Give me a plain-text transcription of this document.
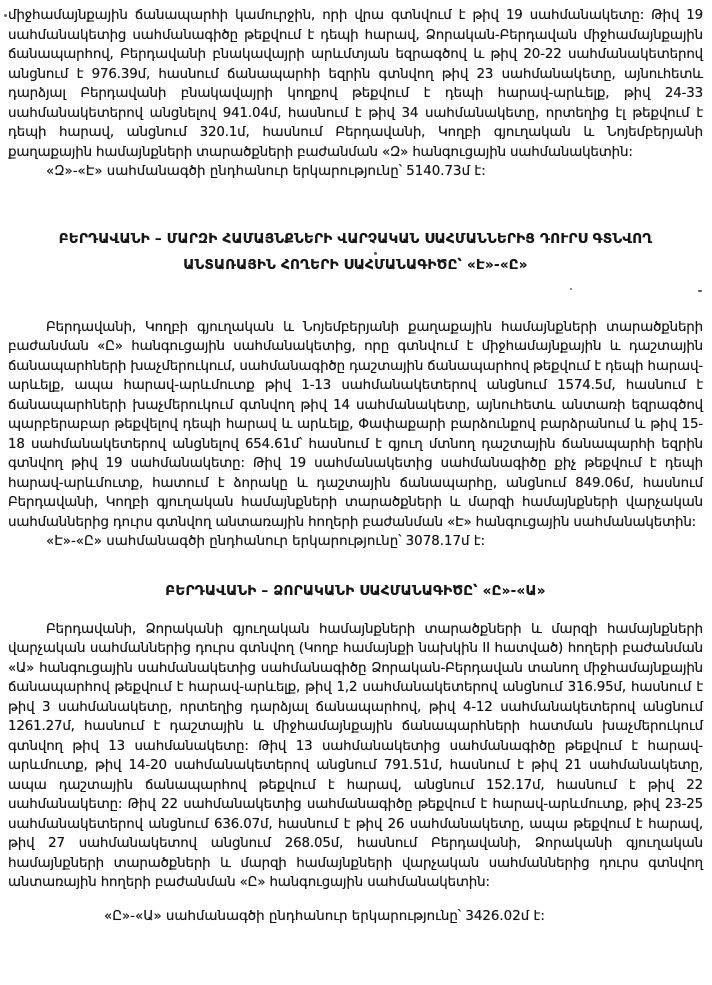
միջհամայնքային ճանապարհի կամուրջին, որի վրա գտնվում է թիվ 19 սահմանակետը: Թիվ 19 սահմանակետից սահմանագիծը թեքվում է դեպի հարավ, Ձորական-Բերդավան միջհամայնքային ճանապարհով, Բերդավանի բնակավայրի արևմտյան եզրագծով և թիվ 20-22 սահմանակետերով անցնում է 976.39մ, հասնում ճանապարհի եզրին գտնվող թիվ 23 սահմանակետը, այնուհետև դարձյալ Բերդավանի բնակավայրի կողքով թեքվում է դեպի հարավ-արևելք, թիվ 24-33 սահմանակետերով անցնելով 941.04մ, հասնում է թիվ 34 սահմանակետը, որտեղից էլ թեքվում է դեպի հարավ, անցնում 320.1մ, հասնում Բերդավանի, Կողբի գյուղական և Նոյեմբերյանի քաղաքային համայնքների տարածքների բաժանման «Զ» հանգուցային սահմանակետին:
«Զ»-«Է» սահմանագծի ընդհանուր երկարությունը՝ 5140.73մ է:
ԲԵՐԴԱՎԱՆԻ – ՄԱՐԶԻ ՀԱՄԱՅՆՔՆԵՐԻ ՎԱՐՉԱԿԱՆ ՍԱՀՄԱՆՆԵՐԻՑ ԴՈՒՐՍ ԳՏՆՎՈՂ
ԱՆՏԱՌԱՅԻՆ ՀՈՂԵՐԻ ՍԱՀՄԱՆԱԳԻԾԸ՝ «Է»-«Ը»
Բերդավանի, Կողբի գյուղական և Նոյեմբերյանի քաղաքային համայնքների տարածքների բաժանման «Ը» հանգուցային սահմանակետից, որը գտնվում է միջհամայնքային և դաշտային ճանապարհների խաչմերուկում, սահմանագիծը դաշտային ճանապարհով թեքվում է դեպի հարավ-արևելք, ապա հարավ-արևմուտք թիվ 1-13 սահմանակետերով անցնում 1574.5մ, հասնում է ճանապարհների խաչմերուկում գտնվող թիվ 14 սահմանակետը, այնուհետև անտառի եզրագծով պարբերաբար թեքվելով դեպի հարավ և արևելք, Փափաքարի բարձունքով բարձրանում և թիվ 15-18 սահմանակետերով անցնելով 654.61մ՝ հասնում է գյուղ մտնող դաշտային ճանապարհի եզրին գտնվող թիվ 19 սահմանակետը: Թիվ 19 սահմանակետից սահմանագիծը քիչ թեքվում է դեպի հարավ-արևմուտք, հատում է ձորակը և դաշտային ճանապարհը, անցնում 849.06մ, հասնում Բերդավանի, Կողբի գյուղական համայնքների տարածքների և մարզի համայնքների վարչական սահմաններից դուրս գտնվող անտառային հողերի բաժանման «Է» հանգուցային սահմանակետին:
«Է»-«Ը» սահմանագծի ընդհանուր երկարությունը՝ 3078.17մ է:
ԲԵՐԴԱՎԱՆԻ – ՁՈՐԱԿԱՆԻ ՍԱՀՄԱՆԱԳԻԾԸ՝ «Ը»-«Ա»
Բերդավանի, Ձորականի գյուղական համայնքների տարածքների և մարզի համայնքների վարչական սահմաններից դուրս գտնվող (Կողբ համայնքի նախկին II հատված) հողերի բաժանման «Ա» հանգուցային սահմանակետից սահմանագիծը Ձորական-Բերդավան տանող միջհամայնքային ճանապարհով թեքվում է հարավ-արևելք, թիվ 1,2 սահմանակետերով անցնում 316.95մ, հասնում է թիվ 3 սահմանակետը, որտեղից դարձյալ ճանապարհով, թիվ 4-12 սահմանակետերով անցնում 1261.27մ, հասնում է դաշտային և միջհամայնքային ճանապարհների հատման խաչմերուկում գտնվող թիվ 13 սահմանակետը: Թիվ 13 սահմանակետից սահմանագիծը թեքվում է հարավ-արևմուտք, թիվ 14-20 սահմանակետերով անցնում 791.51մ, հասնում է թիվ 21 սահմանակետը, ապա դաշտային ճանապարհով թեքվում է հարավ, անցնում 152.17մ, հասնում է թիվ 22 սահմանակետը: Թիվ 22 սահմանակետից սահմանագիծը թեքվում է հարավ-արևմուտք, թիվ 23-25 սահմանակետերով անցնում 636.07մ, հասնում է թիվ 26 սահմանակետը, ապա թեքվում է հարավ, թիվ 27 սահմանակետով անցնում 268.05մ, հասնում Բերդավանի, Ձորականի գյուղական համայնքների տարածքների և մարզի համայնքների վարչական սահմաններից դուրս գտնվող անտառային հողերի բաժանման «Ը» հանգուցային սահմանակետին:
«Ը»-«Ա» սահմանագծի ընդհանուր երկարությունը՝ 3426.02մ է:
